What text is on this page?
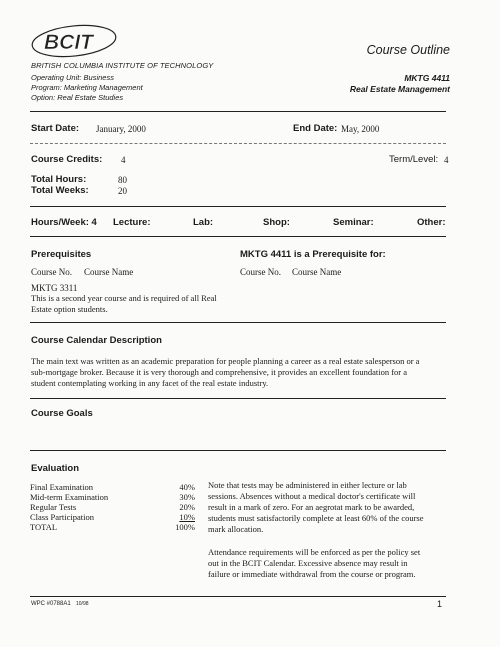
BCIT	Course Outline
BRITISH COLUMBIA INSTITUTE OF TECHNOLOGY
Operating Unit: Business
Program: Marketing Management
Option: Real Estate Studies
MKTG 4411
Real Estate Management
Start Date: January, 2000	End Date: May, 2000
Course Credits: 4	Term/Level: 4
Total Hours:	80
Total Weeks:	20
Hours/Week: 4 Lecture:	Lab:	Shop:	Seminar:	Other:
Prerequisites	MKTG 4411 is a Prerequisite for:
Course No. Course Name	Course No. Course Name
MKTG 3311
This is a second year course and is required of all Real
Estate option students.
Course Calendar Description
The main text was written as an academic preparation for people planning a career as a real estate salesperson or a
sub-mortgage broker. Because it is very thorough and comprehensive, it provides an excellent foundation for a
student contemplating working in any facet of the real estate industry.
Course Goals
Evaluation
Final Examination	40%
Mid-term Examination	30%
Regular Tests	20%
Class Participation	10%
TOTAL	100%
Note that tests may be administered in either lecture or lab
sessions. Absences without a medical doctor's certificate will
result in a mark of zero. For an aegrotat mark to be awarded,
students must satisfactorily complete at least 60% of the course
mark allocation.
Attendance requirements will be enforced as per the policy set
out in the BCIT Calendar. Excessive absence may result in
failure or immediate withdrawal from the course or program.
WPC #0788A1 10/98	1
